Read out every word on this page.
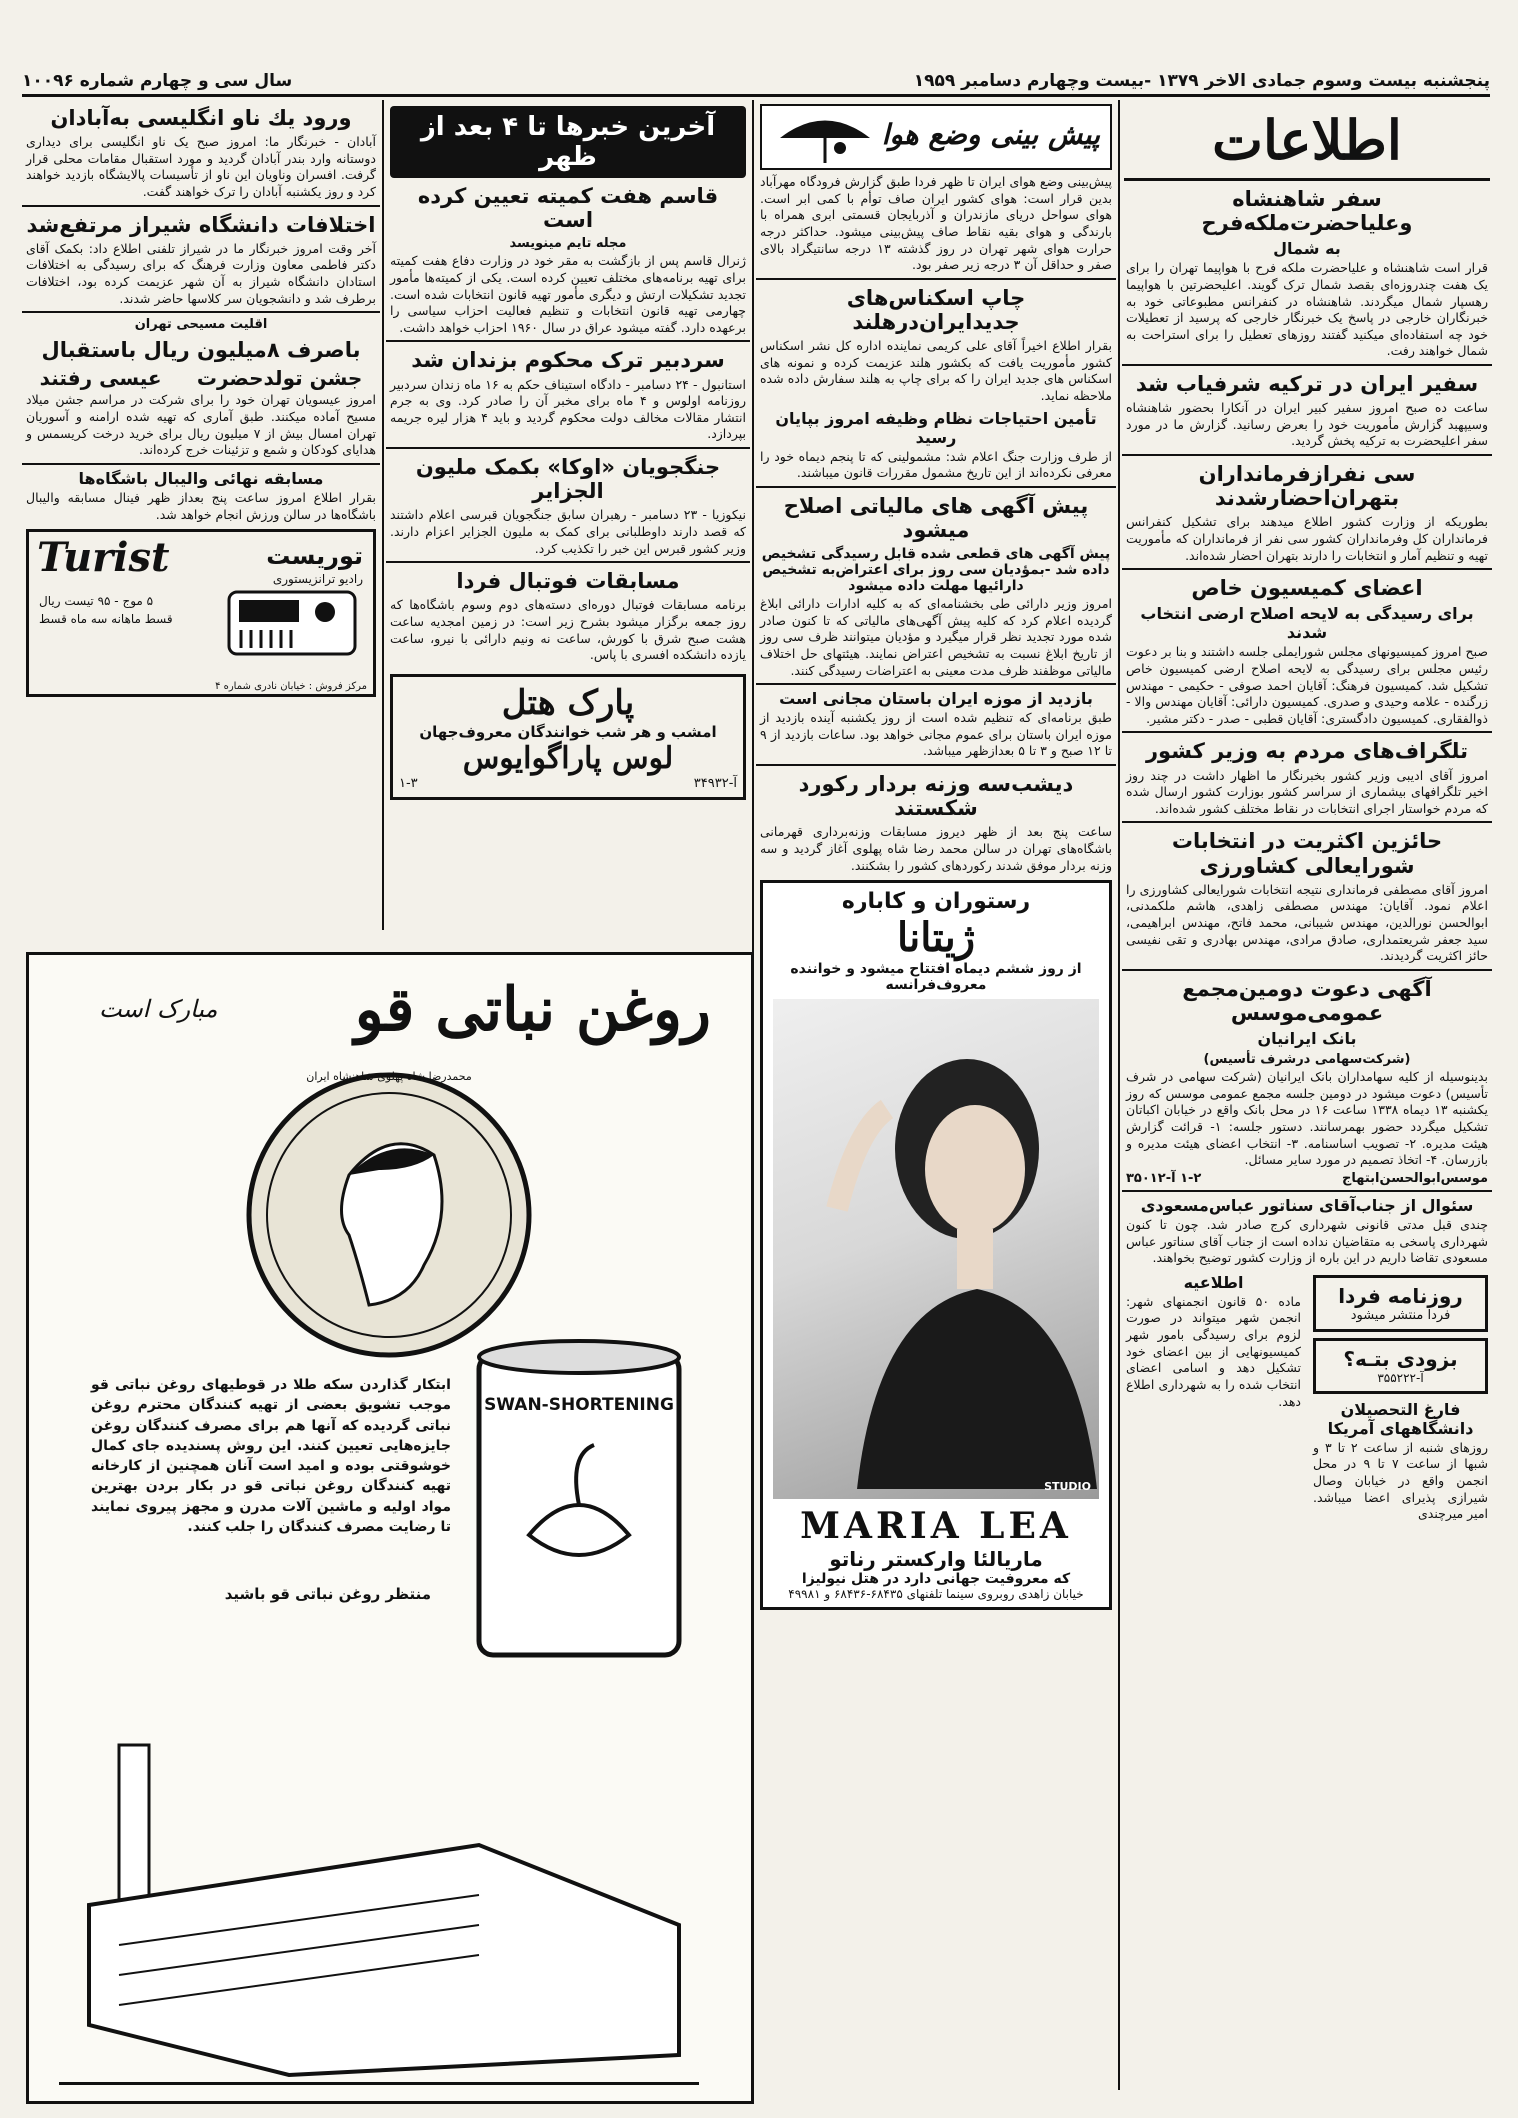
پنجشنبه بیست وسوم جمادی الاخر ۱۳۷۹ -بیست وچهارم دسامبر ۱۹۵۹
سال سی و چهارم شماره ۱۰۰۹۶
اطلاعات
سفر شاهنشاه وعلیاحضرت‌ملکه‌فرح
به شمال

قرار است شاهنشاه و علیاحضرت ملکه فرح با هواپیما تهران را برای یک هفت چندروزه‌ای بقصد شمال ترک گویند. اعلیحضرتین با هواپیما رهسپار شمال میگردند. شاهنشاه در کنفرانس مطبوعاتی خود به خبرنگاران خارجی در پاسخ یک خبرنگار خارجی که پرسید از تعطیلات خود چه استفاده‌ای میکنید گفتند روزهای تعطیل را برای استراحت به شمال خواهند رفت.

سفیر ایران در ترکیه شرفیاب شد

ساعت ده صبح امروز سفیر کبیر ایران در آنکارا بحضور شاهنشاه وسیپهبد گزارش مأموریت خود را بعرض رسانید. گزارش ما در مورد سفر اعلیحضرت به ترکیه پخش گردید.

سی نفرازفرمانداران بتهران‌احضارشدند

بطوریکه از وزارت کشور اطلاع میدهند برای تشکیل کنفرانس فرمانداران کل وفرمانداران کشور سی نفر از فرمانداران که مأموریت تهیه و تنظیم آمار و انتخابات را دارند بتهران احضار شده‌اند.

اعضای کمیسیون خاص
برای رسیدگی به لایحه اصلاح ارضی انتخاب شدند

صبح امروز کمیسیونهای مجلس شورایملی جلسه داشتند و بنا بر دعوت رئیس مجلس برای رسیدگی به لایحه اصلاح ارضی کمیسیون خاص تشکیل شد. کمیسیون فرهنگ: آقایان احمد صوفی - حکیمی - مهندس زرگنده - علامه وحیدی و صدری. کمیسیون دارائی: آقایان مهندس والا - ذوالفقاری. کمیسیون دادگستری: آقایان قطبی - صدر - دکتر مشیر.

تلگراف‌های مردم به وزیر کشور

امروز آقای ادیبی وزیر کشور بخبرنگار ما اظهار داشت در چند روز اخیر تلگرافهای بیشماری از سراسر کشور بوزارت کشور ارسال شده که مردم خواستار اجرای انتخابات در نقاط مختلف کشور شده‌اند.

حائزین اکثریت در انتخابات شورایعالی کشاورزی

امروز آقای مصطفی فرمانداری نتیجه انتخابات شورایعالی کشاورزی را اعلام نمود. آقایان: مهندس مصطفی زاهدی، هاشم ملکمدنی، ابوالحسن نورالدین، مهندس شیبانی، محمد فاتح، مهندس ابراهیمی، سید جعفر شریعتمداری، صادق مرادی، مهندس بهادری و تقی نفیسی حائز اکثریت گردیدند.

آگهی دعوت دومین‌مجمع عمومی‌موسس
بانک ایرانیان
(شرکت‌سهامی درشرف تأسیس)

بدینوسیله از کلیه سهامداران بانک ایرانیان (شرکت سهامی در شرف تأسیس) دعوت میشود در دومین جلسه مجمع عمومی موسس که روز یکشنبه ۱۳ دیماه ۱۳۳۸ ساعت ۱۶ در محل بانک واقع در خیابان اکباتان تشکیل میگردد حضور بهمرسانند. دستور جلسه: ۱- قرائت گزارش هیئت مدیره. ۲- تصویب اساسنامه. ۳- انتخاب اعضای هیئت مدیره و بازرسان. ۴- اتخاذ تصمیم در مورد سایر مسائل.

موسس‌ابوالحسن‌ابتهاج
۱-۲ آ-۳۵۰۱۲
سئوال از جناب‌آقای سناتور عباس‌مسعودی

چندی قبل مدتی قانونی شهرداری کرج صادر شد. چون تا کنون شهرداری پاسخی به متقاضیان نداده است از جناب آقای سناتور عباس مسعودی تقاضا داریم در این باره از وزارت کشور توضیح بخواهند.

روزنامه فردا
فردا منتشر میشود
بزودی بتـه؟
آ-۳۵۵۲۲۲
فارغ التحصیلان دانشگاههای آمریکا

روزهای شنبه از ساعت ۲ تا ۳ و شبها از ساعت ۷ تا ۹ در محل انجمن واقع در خیابان وصال شیرازی پذیرای اعضا میباشد. امیر میرچندی

اطلاعیه

ماده ۵۰ قانون انجمنهای شهر: انجمن شهر میتواند در صورت لزوم برای رسیدگی بامور شهر کمیسیونهایی از بین اعضای خود تشکیل دهد و اسامی اعضای انتخاب شده را به شهرداری اطلاع دهد.

پیش بینی وضع هوا

پیش‌بینی وضع هوای ایران تا ظهر فردا طبق گزارش فرودگاه مهرآباد بدین قرار است: هوای کشور ایران صاف توأم با کمی ابر است. هوای سواحل دریای مازندران و آذربایجان قسمتی ابری همراه با بارندگی و هوای بقیه نقاط صاف پیش‌بینی میشود. حداکثر درجه حرارت هوای شهر تهران در روز گذشته ۱۳ درجه سانتیگراد بالای صفر و حداقل آن ۳ درجه زیر صفر بود.

چاپ اسکناس‌های جدیدایران‌درهلند

بقرار اطلاع اخیراً آقای علی کریمی نماینده اداره کل نشر اسکناس کشور مأموریت یافت که بکشور هلند عزیمت کرده و نمونه های اسکناس های جدید ایران را که برای چاپ به هلند سفارش داده شده ملاحظه نماید.

تأمین احتیاجات نظام وظیفه امروز بپایان رسید

از طرف وزارت جنگ اعلام شد: مشمولینی که تا پنجم دیماه خود را معرفی نکرده‌اند از این تاریخ مشمول مقررات قانون میباشند.

پیش آگهی های مالیاتی اصلاح میشود
پیش آگهی های قطعی شده قابل رسیدگی تشخیص داده شد -بمؤدیان سی روز برای اعتراض‌به تشخیص دارائیها مهلت داده میشود

امروز وزیر دارائی طی بخشنامه‌ای که به کلیه ادارات دارائی ابلاغ گردیده اعلام کرد که کلیه پیش آگهی‌های مالیاتی که تا کنون صادر شده مورد تجدید نظر قرار میگیرد و مؤدیان میتوانند ظرف سی روز از تاریخ ابلاغ نسبت به تشخیص اعتراض نمایند. هیئتهای حل اختلاف مالیاتی موظفند ظرف مدت معینی به اعتراضات رسیدگی کنند.

بازدید از موزه ایران باستان مجانی است

طبق برنامه‌ای که تنظیم شده است از روز یکشنبه آینده بازدید از موزه ایران باستان برای عموم مجانی خواهد بود. ساعات بازدید از ۹ تا ۱۲ صبح و ۳ تا ۵ بعدازظهر میباشد.

دیشب‌سه وزنه بردار رکورد شکستند

ساعت پنج بعد از ظهر دیروز مسابقات وزنه‌برداری قهرمانی باشگاه‌های تهران در سالن محمد رضا شاه پهلوی آغاز گردید و سه وزنه بردار موفق شدند رکوردهای کشور را بشکنند.

رستوران و کاباره
ژیتانا
از روز ششم دیماه افتتاح میشود و خواننده معروف‌فرانسه
STUDIO
MARIA LEA
ماریالئا وارکستر رناتو
که معروفیت جهانی دارد در هتل نیولیزا
خیابان زاهدی روبروی سینما تلفنهای ۶۸۴۳۵-۶۸۴۳۶ و ۴۹۹۸۱
آخرین خبرها تا ۴ بعد از ظهر
قاسم هفت کمیته تعیین کرده است
مجله تایم مینویسد

ژنرال قاسم پس از بازگشت به مقر خود در وزارت دفاع هفت کمیته برای تهیه برنامه‌های مختلف تعیین کرده است. یکی از کمیته‌ها مأمور تجدید تشکیلات ارتش و دیگری مأمور تهیه قانون انتخابات شده است. چهارمی تهیه قانون انتخابات و تنظیم فعالیت احزاب سیاسی را برعهده دارد. گفته میشود عراق در سال ۱۹۶۰ احزاب خواهد داشت.

سردبیر ترک محکوم بزندان شد

استانبول - ۲۴ دسامبر - دادگاه استیناف حکم به ۱۶ ماه زندان سردبیر روزنامه اولوس و ۴ ماه برای مخبر آن را صادر کرد. وی به جرم انتشار مقالات مخالف دولت محکوم گردید و باید ۴ هزار لیره جریمه بپردازد.

جنگجویان «اوکا» بکمک ملیون الجزایر

نیکوزیا - ۲۳ دسامبر - رهبران سابق جنگجویان قبرسی اعلام داشتند که قصد دارند داوطلبانی برای کمک به ملیون الجزایر اعزام دارند. وزیر کشور قبرس این خبر را تکذیب کرد.

مسابقات فوتبال فردا

برنامه مسابقات فوتبال دوره‌ای دسته‌های دوم وسوم باشگاه‌ها که روز جمعه برگزار میشود بشرح زیر است: در زمین امجدیه ساعت هشت صبح شرق با کورش، ساعت نه ونیم دارائی با نیرو، ساعت یازده دانشکده افسری با پاس.

پارک هتل
امشب و هر شب خوانندگان معروف‌جهان
لوس پاراگوایوس
آ-۳۴۹۳۲
۱-۳
ورود یك ناو انگلیسی به‌آبادان

آبادان - خبرنگار ما: امروز صبح یک ناو انگلیسی برای دیداری دوستانه وارد بندر آبادان گردید و مورد استقبال مقامات محلی قرار گرفت. افسران وناویان این ناو از تأسیسات پالایشگاه بازدید خواهند کرد و روز یکشنبه آبادان را ترک خواهند گفت.

اختلافات دانشگاه شیراز مرتفع‌شد

آخر وقت امروز خبرنگار ما در شیراز تلفنی اطلاع داد: بکمک آقای دکتر فاطمی معاون وزارت فرهنگ که برای رسیدگی به اختلافات استادان دانشگاه شیراز به آن شهر عزیمت کرده بود، اختلافات برطرف شد و دانشجویان سر کلاسها حاضر شدند.

اقلیت مسیحی تهران
باصرف ۸میلیون ریال باستقبال
جشن تولدحضرت
عیسی رفتند

امروز عیسویان تهران خود را برای شرکت در مراسم جشن میلاد مسیح آماده میکنند. طبق آماری که تهیه شده ارامنه و آسوریان تهران امسال بیش از ۷ میلیون ریال برای خرید درخت کریسمس و هدایای کودکان و شمع و تزئینات خرج کرده‌اند.

مسابقه نهائی والیبال باشگاه‌ها

بقرار اطلاع امروز ساعت پنج بعداز ظهر فینال مسابقه والیبال باشگاه‌ها در سالن ورزش انجام خواهد شد.

Turist	توریست
رادیو ترانزیستوری
۵ موج - ۹۵ تیست ریال
قسط ماهانه سه ماه قسط
مرکز فروش : خیابان نادری شماره ۴
روغن نباتی قو
مبارک است
محمدرضا شاه پهلوی شاهنشاه ایران
SWAN-SHORTENING
ابتکار گذاردن سکه طلا در قوطیهای روغن نباتی قو موجب تشویق بعضی از تهیه کنندگان محترم روغن نباتی گردیده که آنها هم برای مصرف کنندگان روغن جایزه‌هایی تعیین کنند. این روش پسندیده جای کمال خوشوقتی بوده و امید است آنان همچنین از کارخانه تهیه کنندگان روغن نباتی قو در بکار بردن بهترین مواد اولیه و ماشین آلات مدرن و مجهز پیروی نمایند تا رضایت مصرف کنندگان را جلب کنند.
منتظر روغن نباتی قو باشید
